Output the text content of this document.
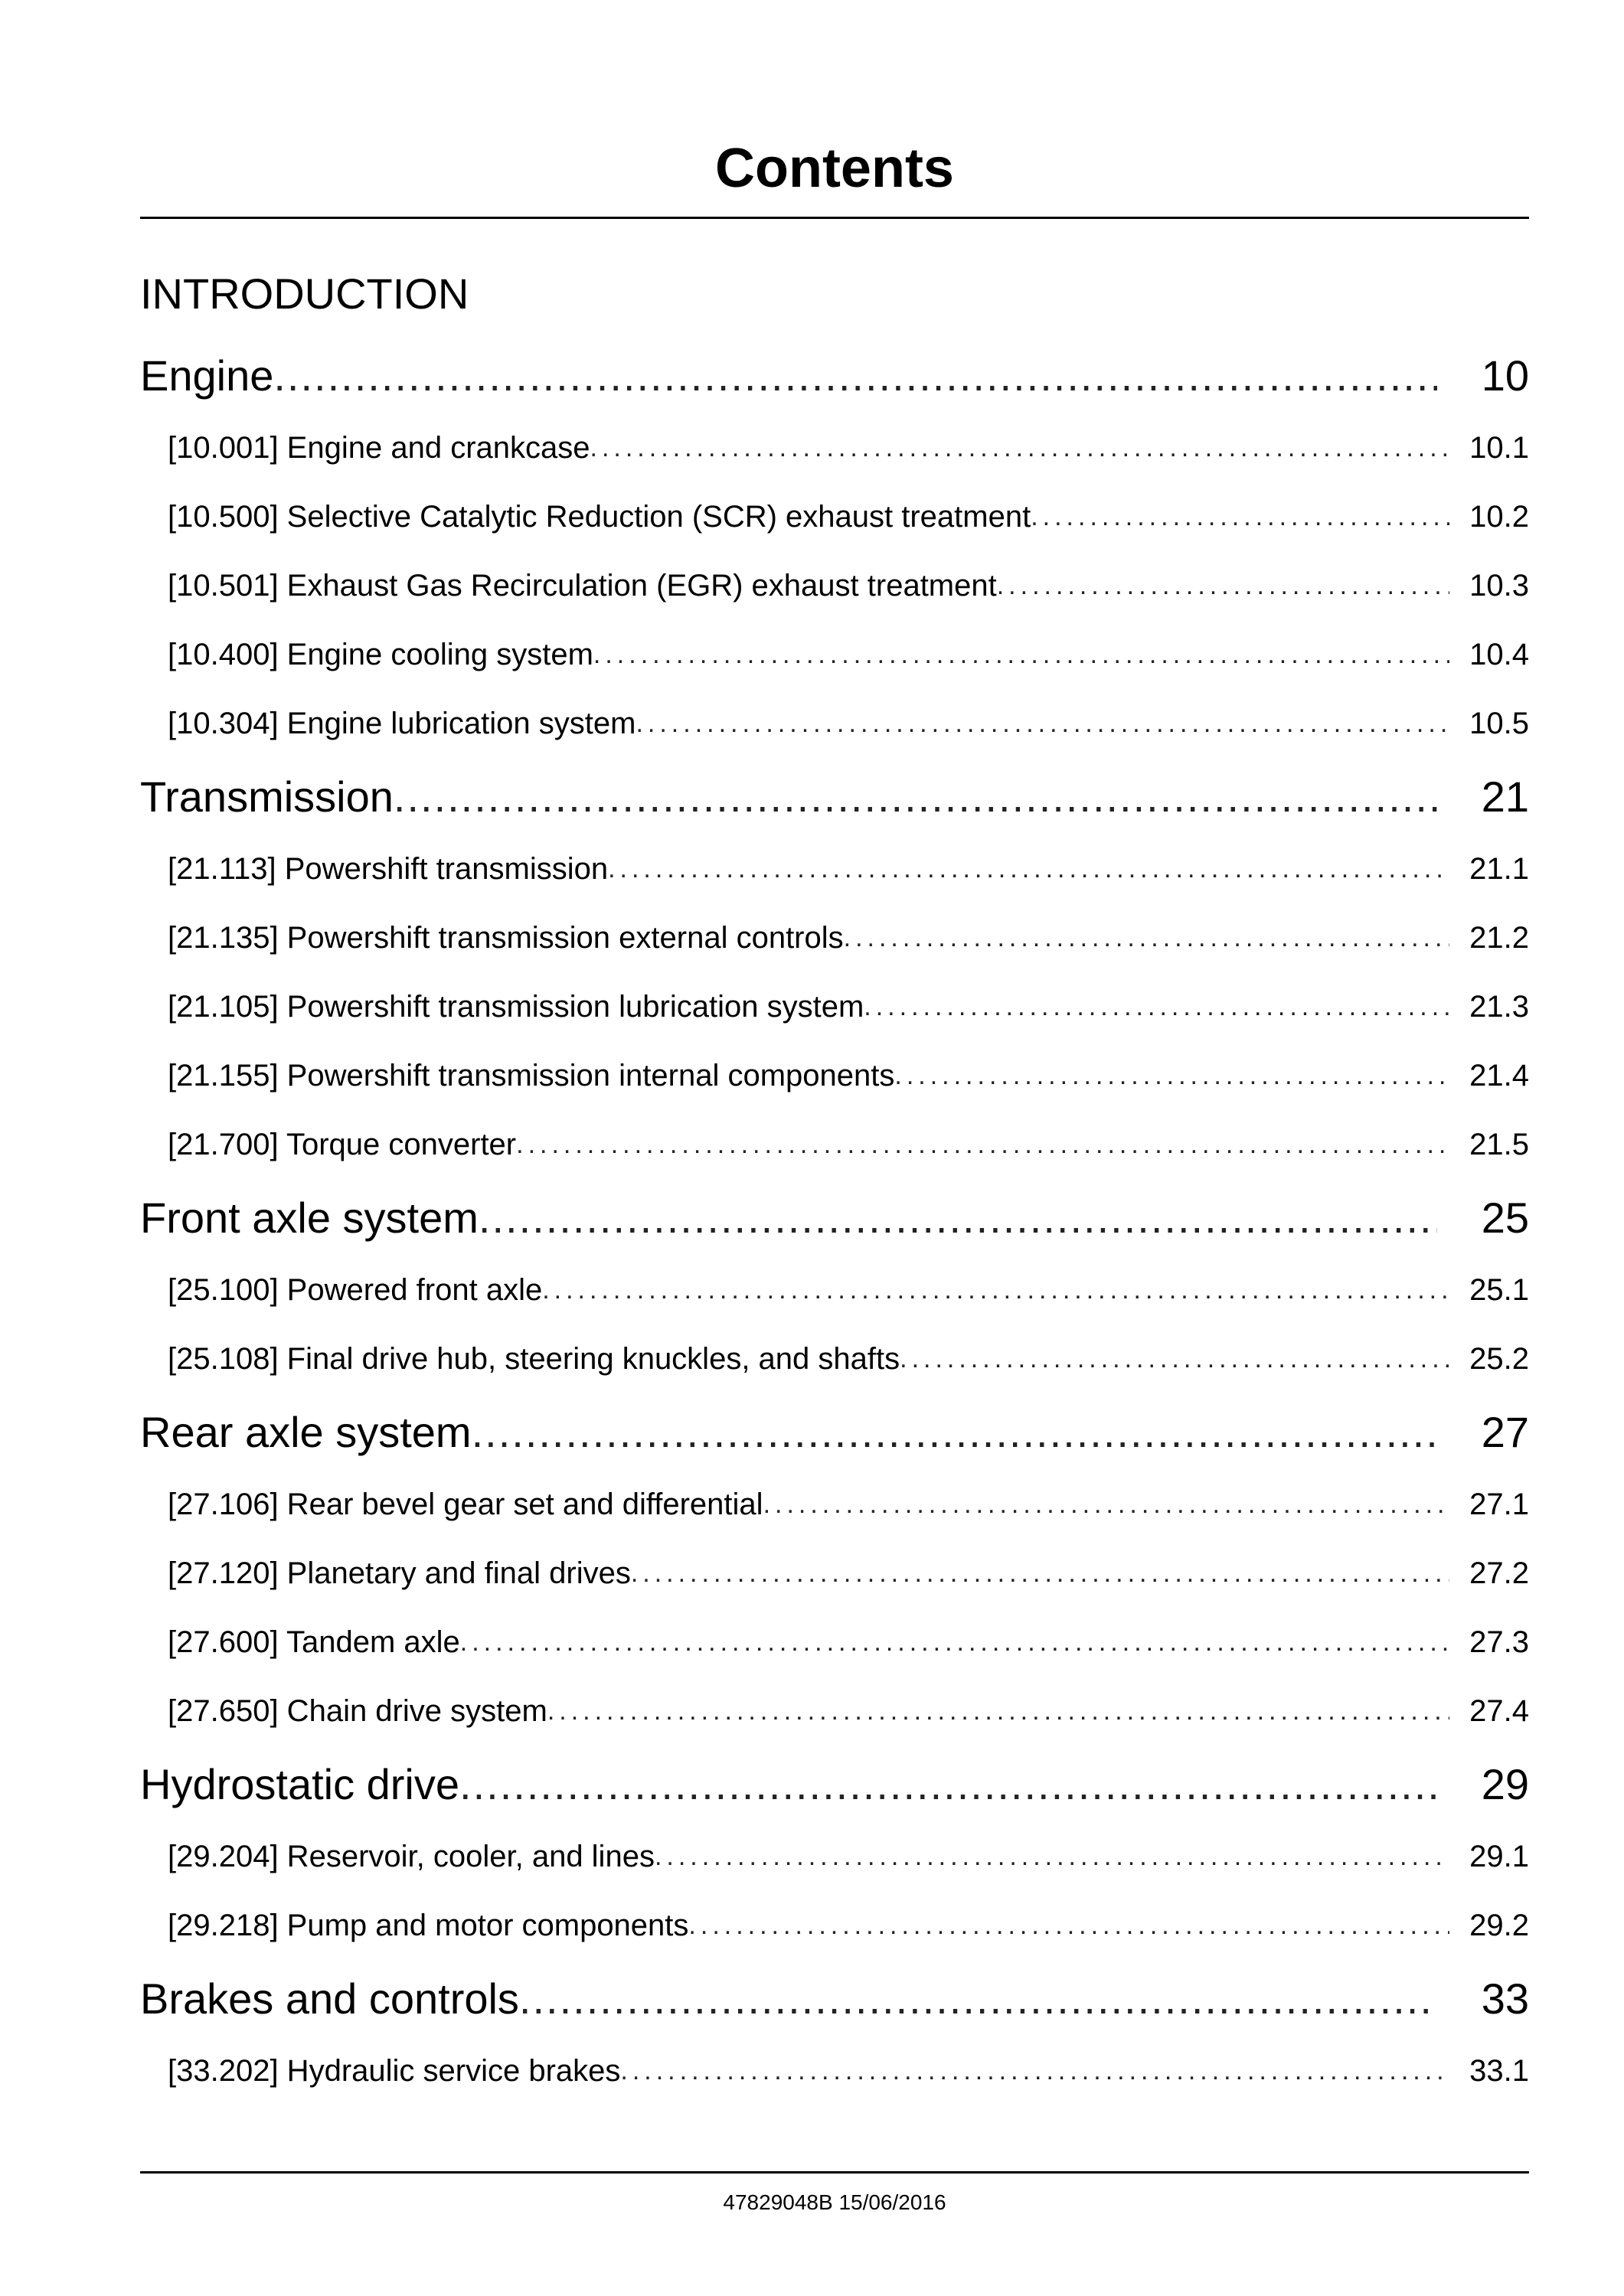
Contents
INTRODUCTION
Engine .....	10
[10.001] Engine and crankcase .....	10.1
[10.500] Selective Catalytic Reduction (SCR) exhaust treatment .....	10.2
[10.501] Exhaust Gas Recirculation (EGR) exhaust treatment .....	10.3
[10.400] Engine cooling system .....	10.4
[10.304] Engine lubrication system .....	10.5
Transmission .....	21
[21.113] Powershift transmission .....	21.1
[21.135] Powershift transmission external controls .....	21.2
[21.105] Powershift transmission lubrication system .....	21.3
[21.155] Powershift transmission internal components .....	21.4
[21.700] Torque converter .....	21.5
Front axle system .....	25
[25.100] Powered front axle .....	25.1
[25.108] Final drive hub, steering knuckles, and shafts .....	25.2
Rear axle system .....	27
[27.106] Rear bevel gear set and differential .....	27.1
[27.120] Planetary and final drives .....	27.2
[27.600] Tandem axle .....	27.3
[27.650] Chain drive system .....	27.4
Hydrostatic drive .....	29
[29.204] Reservoir, cooler, and lines .....	29.1
[29.218] Pump and motor components .....	29.2
Brakes and controls .....	33
[33.202] Hydraulic service brakes .....	33.1
47829048B 15/06/2016
